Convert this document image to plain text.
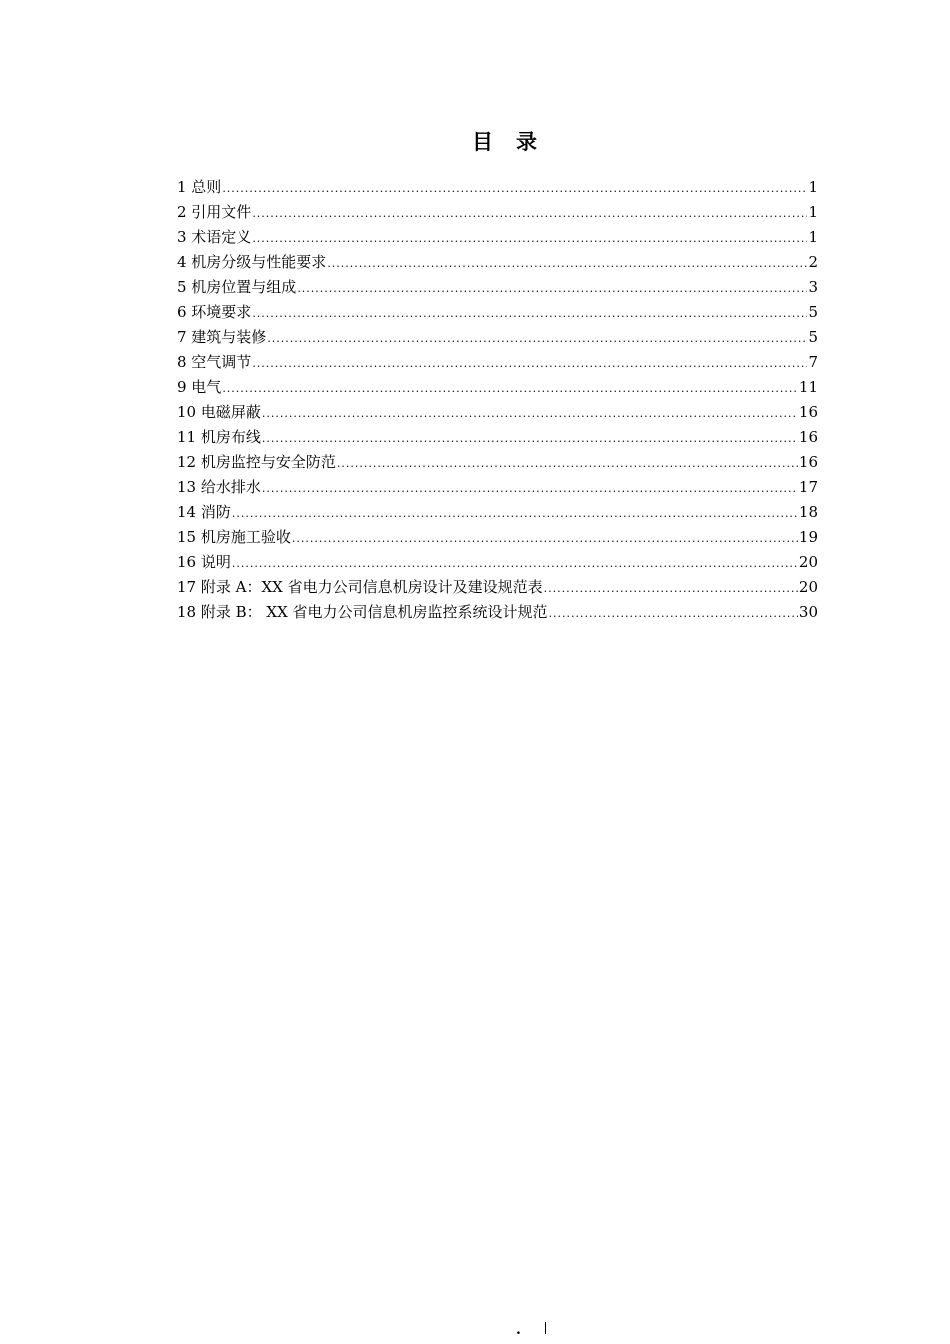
目　录
1 总则 .....	1
2 引用文件 .....	1
3 术语定义 .....	1
4 机房分级与性能要求 .....	2
5 机房位置与组成 .....	3
6 环境要求 .....	5
7 建筑与装修 .....	5
8 空气调节 .....	7
9 电气 .....	11
10 电磁屏蔽 .....	16
11 机房布线 .....	16
12 机房监控与安全防范 .....	16
13 给水排水 .....	17
14 消防 .....	18
15 机房施工验收 .....	19
16 说明 .....	20
17 附录 A：XX 省电力公司信息机房设计及建设规范表 .....	20
18 附录 B： XX 省电力公司信息机房监控系统设计规范 .....	30
.
